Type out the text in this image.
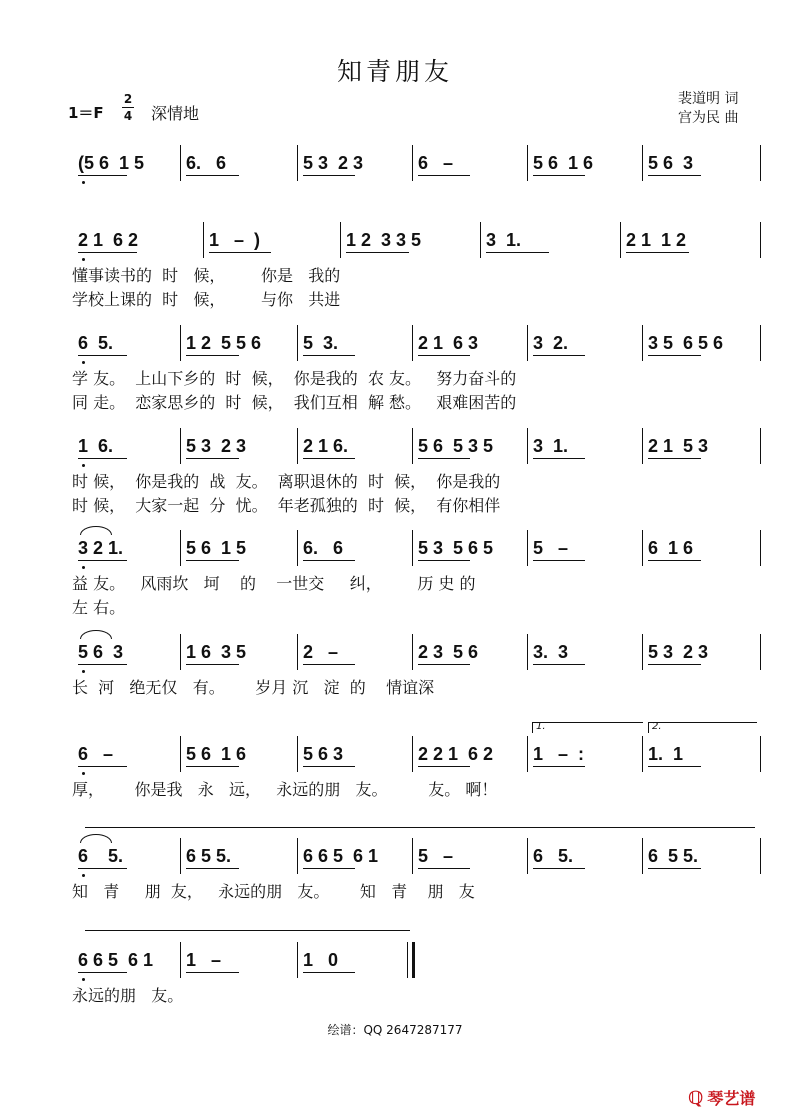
知青朋友
1＝F
2
4 深情地
裴道明 词
宫为民 曲
(5 6  1 5	6.   6	5 3  2 3	6   –	5 6  1 6	5 6  3
2 1  6 2	1   –  )	1 2  3 3 5	3  1.	2 1  1 2
懂事读书的  时   候，       你是   我的
学校上课的  时   候，       与你   共进
6  5.	1 2  5 5 6	5  3.	2 1  6 3	3  2.	3 5  6 5 6
学 友。  上山下乡的  时  候，  你是我的  农 友。   努力奋斗的
同 走。  恋家思乡的  时  候，  我们互相  解 愁。   艰难困苦的
1  6.	5 3  2 3	2 1 6.	5 6  5 3 5	3  1.	2 1  5 3
时 候，  你是我的  战  友。  离职退休的  时  候，  你是我的
时 候，  大家一起  分  忧。  年老孤独的  时  候，  有你相伴
3 2 1.	5 6  1 5	6.   6	5 3  5 6 5	5   –	6  1 6
益 友。   风雨坎   坷    的    一世交     纠，       历 史 的
左 右。
5 6  3	1 6  3 5	2   –	2 3  5 6	3.  3	5 3  2 3
长  河   绝无仅   有。      岁月 沉   淀  的    情谊深
6   –	5 6  1 6	5 6 3	2 2 1  6 2	1   –  :	1.  1
厚，      你是我   永   远，   永远的朋   友。        友。 啊！
1.	2.
6    5.	6 5 5.	6 6 5  6 1	5   –	6   5.	6  5 5.
知   青     朋  友，   永远的朋   友。      知   青    朋   友
6 6 5  6 1	1   –	1   0
永远的朋   友。
绘谱：QQ 2647287177
ℚ 琴艺谱
